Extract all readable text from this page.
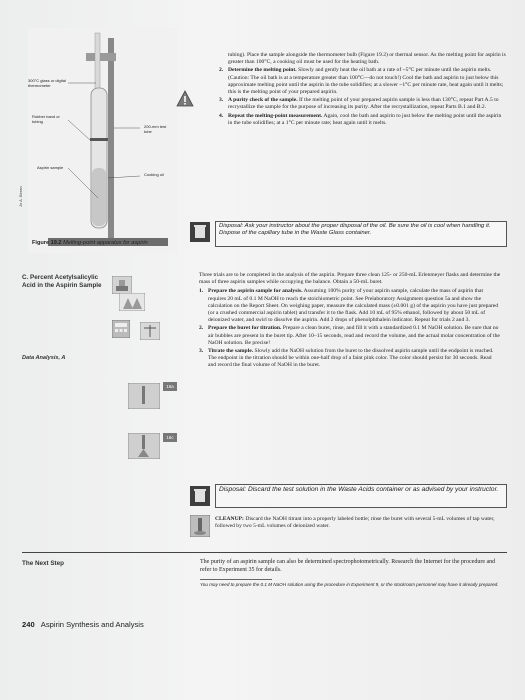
300°C glass or digital thermometer
Rubber band or tubing
Aspirin sample
200-mm test tube
Cooking oil
Jo A. Beran
Figure 19.2 Melting-point apparatus for aspirin
tubing). Place the sample alongside the thermometer bulb (Figure 19.2) or thermal sensor. As the melting point for aspirin is greater than 100°C, a cooking oil must be used for the heating bath.
2. Determine the melting point. Slowly and gently heat the oil bath at a rate of ~5°C per minute until the aspirin melts. (Caution: The oil bath is at a temperature greater than 100°C—do not touch!) Cool the bath and aspirin to just below this approximate melting point until the aspirin in the tube solidifies; at a slower ~1°C per minute rate, heat again until it melts; this is the melting point of your prepared aspirin.
3. A purity check of the sample. If the melting point of your prepared aspirin sample is less than 130°C, repeat Part A.5 to recrystallize the sample for the purpose of increasing its purity. After the recrystallization, repeat Parts B.1 and B.2.
4. Repeat the melting-point measurement. Again, cool the bath and aspirin to just below the melting point until the aspirin in the tube solidifies; at a 1°C per minute rate; heat again until it melts.
Disposal: Ask your instructor about the proper disposal of the oil. Be sure the oil is cool when handling it. Dispose of the capillary tube in the Waste Glass container.
C. Percent Acetylsalicylic Acid in the Aspirin Sample
Data Analysis, A
16a
16c
Three trials are to be completed in the analysis of the aspirin. Prepare three clean 125- or 250-mL Erlenmeyer flasks and determine the mass of three aspirin samples while occupying the balance. Obtain a 50-mL buret.
1. Prepare the aspirin sample for analysis. Assuming 100% purity of your aspirin sample, calculate the mass of aspirin that requires 20 mL of 0.1 M NaOH to reach the stoichiometric point. See Prelaboratory Assignment question 5a and show the calculation on the Report Sheet. On weighing paper, measure the calculated mass (±0.001 g) of the aspirin you have just prepared (or a crushed commercial aspirin tablet) and transfer it to the flask. Add 10 mL of 95% ethanol, followed by about 50 mL of deionized water, and swirl to dissolve the aspirin. Add 2 drops of phenolphthalein indicator. Repeat for trials 2 and 3.
2. Prepare the buret for titration. Prepare a clean buret, rinse, and fill it with a standardized 0.1 M NaOH solution. Be sure that no air bubbles are present in the buret tip. After 10–15 seconds, read and record the volume, and the actual molar concentration of the NaOH solution. Be precise!
3. Titrate the sample. Slowly add the NaOH solution from the buret to the dissolved aspirin sample until the endpoint is reached. The endpoint in the titration should be within one-half drop of a faint pink color. The color should persist for 30 seconds. Read and record the final volume of NaOH in the buret.
Disposal: Discard the test solution in the Waste Acids container or as advised by your instructor.
CLEANUP: Discard the NaOH titrant into a properly labeled bottle; rinse the buret with several 5-mL volumes of tap water, followed by two 5-mL volumes of deionized water.
The Next Step	The purity of an aspirin sample can also be determined spectrophotometrically. Research the Internet for the procedure and refer to Experiment 35 for details.
You may need to prepare the 0.1 M NaOH solution using the procedure in Experiment 9, or the stockroom personnel may have it already prepared.
240 Aspirin Synthesis and Analysis
